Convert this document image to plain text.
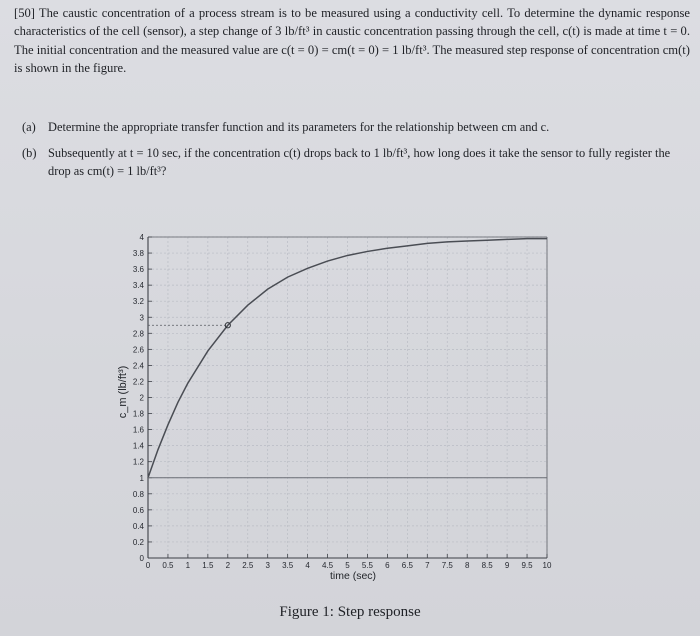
[50] The caustic concentration of a process stream is to be measured using a conductivity cell. To determine the dynamic response characteristics of the cell (sensor), a step change of 3 lb/ft³ in caustic concentration passing through the cell, c(t) is made at time t = 0. The initial concentration and the measured value are c(t = 0) = cm(t = 0) = 1 lb/ft³. The measured step response of concentration cm(t) is shown in the figure.

(a) Determine the appropriate transfer function and its parameters for the relationship between cm and c.
(b) Subsequently at t = 10 sec, if the concentration c(t) drops back to 1 lb/ft³, how long does it take the sensor to fully register the drop as cm(t) = 1 lb/ft³?
0 0.5 1 1.5 2 2.5 3 3.5 4 4.5 5 5.5 6 6.5 7 7.5 8 8.5 9 9.5 10
0
0.2
0.4
0.6
0.8
1
1.2
1.4
1.6
1.8
2
2.2
2.4
2.6
2.8
3
3.2
3.4
3.6
3.8
4
time (sec)
c_m (lb/ft³)
Figure 1: Step response
